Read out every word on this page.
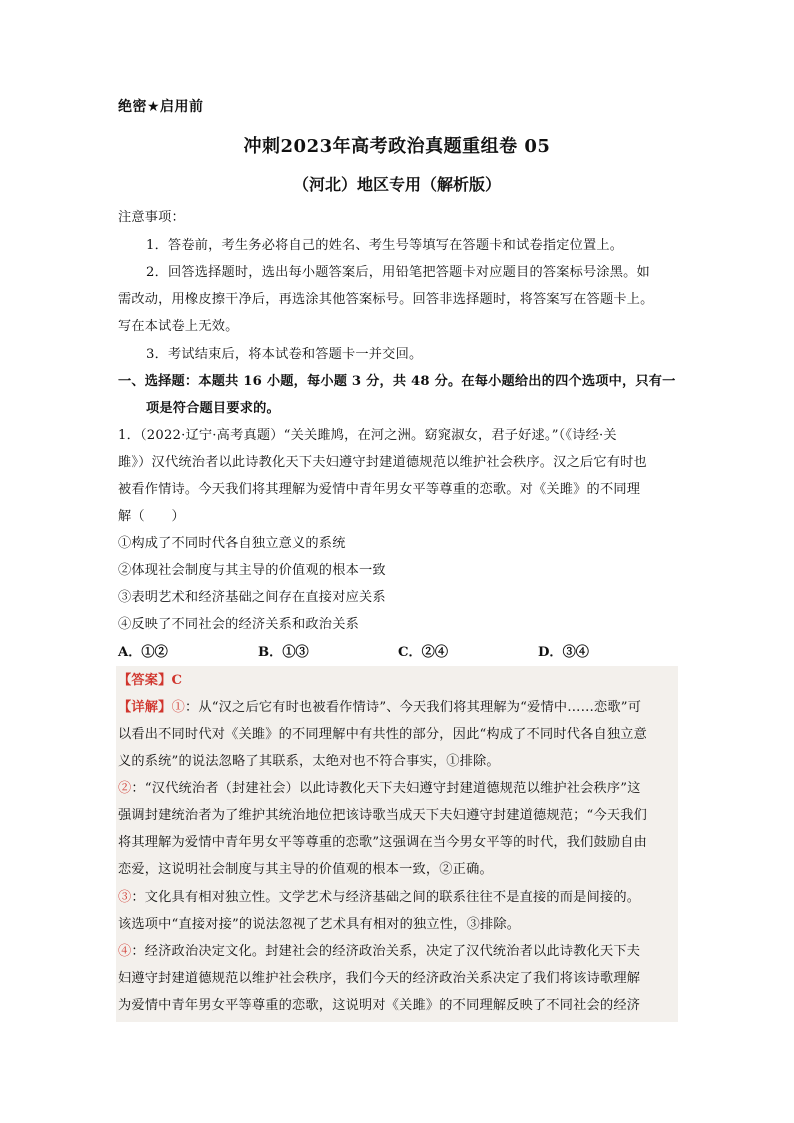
绝密★启用前
冲刺2023年高考政治真题重组卷 05
（河北）地区专用（解析版）
注意事项：
1．答卷前，考生务必将自己的姓名、考生号等填写在答题卡和试卷指定位置上。
2．回答选择题时，选出每小题答案后，用铅笔把答题卡对应题目的答案标号涂黑。如
需改动，用橡皮擦干净后，再选涂其他答案标号。回答非选择题时，将答案写在答题卡上。
写在本试卷上无效。
3．考试结束后，将本试卷和答题卡一并交回。
一、选择题：本题共 16 小题，每小题 3 分，共 48 分。在每小题给出的四个选项中，只有一
项是符合题目要求的。
1．（2022·辽宁·高考真题）“关关雎鸠，在河之洲。窈窕淑女，君子好逑。”（《诗经·关
雎》）汉代统治者以此诗教化天下夫妇遵守封建道德规范以维护社会秩序。汉之后它有时也
被看作情诗。今天我们将其理解为爱情中青年男女平等尊重的恋歌。对《关雎》的不同理
解（　　）
①构成了不同时代各自独立意义的系统
②体现社会制度与其主导的价值观的根本一致
③表明艺术和经济基础之间存在直接对应关系
④反映了不同社会的经济关系和政治关系
A．①②	B．①③	C．②④	D．③④
【答案】C
【详解】①：从“汉之后它有时也被看作情诗”、今天我们将其理解为“爱情中……恋歌”可
以看出不同时代对《关雎》的不同理解中有共性的部分，因此“构成了不同时代各自独立意
义的系统”的说法忽略了其联系，太绝对也不符合事实，①排除。
②：“汉代统治者（封建社会）以此诗教化天下夫妇遵守封建道德规范以维护社会秩序”这
强调封建统治者为了维护其统治地位把该诗歌当成天下夫妇遵守封建道德规范；“今天我们
将其理解为爱情中青年男女平等尊重的恋歌”这强调在当今男女平等的时代，我们鼓励自由
恋爱，这说明社会制度与其主导的价值观的根本一致，②正确。
③：文化具有相对独立性。文学艺术与经济基础之间的联系往往不是直接的而是间接的。
该选项中“直接对接”的说法忽视了艺术具有相对的独立性，③排除。
④：经济政治决定文化。封建社会的经济政治关系，决定了汉代统治者以此诗教化天下夫
妇遵守封建道德规范以维护社会秩序，我们今天的经济政治关系决定了我们将该诗歌理解
为爱情中青年男女平等尊重的恋歌，这说明对《关雎》的不同理解反映了不同社会的经济
